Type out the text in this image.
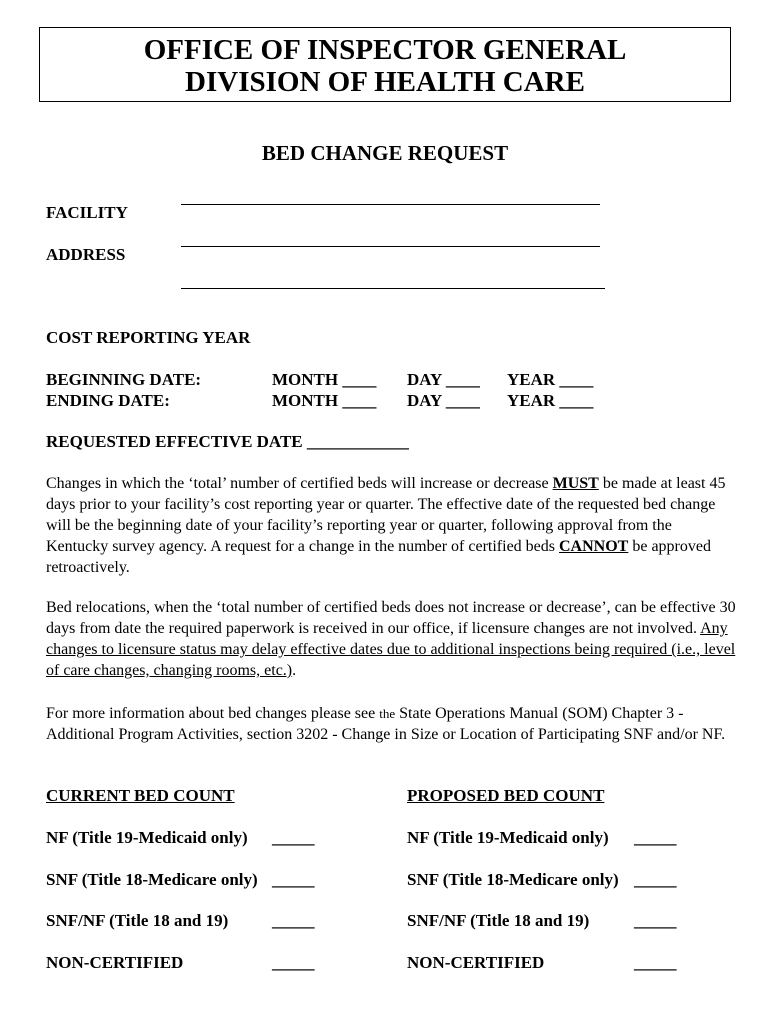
OFFICE OF INSPECTOR GENERAL
DIVISION OF HEALTH CARE
BED CHANGE REQUEST
FACILITY
ADDRESS
COST REPORTING YEAR
BEGINNING DATE:	MONTH ____ DAY ____ YEAR ____
ENDING DATE:	MONTH ____ DAY ____ YEAR ____
REQUESTED EFFECTIVE DATE ____________
Changes in which the ‘total’ number of certified beds will increase or decrease MUST be made at least 45 days prior to your facility’s cost reporting year or quarter. The effective date of the requested bed change will be the beginning date of your facility’s reporting year or quarter, following approval from the Kentucky survey agency. A request for a change in the number of certified beds CANNOT be approved retroactively.
Bed relocations, when the ‘total number of certified beds does not increase or decrease’, can be effective 30 days from date the required paperwork is received in our office, if licensure changes are not involved. Any changes to licensure status may delay effective dates due to additional inspections being required (i.e., level of care changes, changing rooms, etc.).
For more information about bed changes please see the State Operations Manual (SOM) Chapter 3 - Additional Program Activities, section 3202 - Change in Size or Location of Participating SNF and/or NF.
CURRENT BED COUNT	PROPOSED BED COUNT
NF (Title 19-Medicaid only) _____	NF (Title 19-Medicaid only) _____
SNF (Title 18-Medicare only) _____	SNF (Title 18-Medicare only) _____
SNF/NF (Title 18 and 19)	_____	SNF/NF (Title 18 and 19)	_____
NON-CERTIFIED	_____	NON-CERTIFIED	_____
